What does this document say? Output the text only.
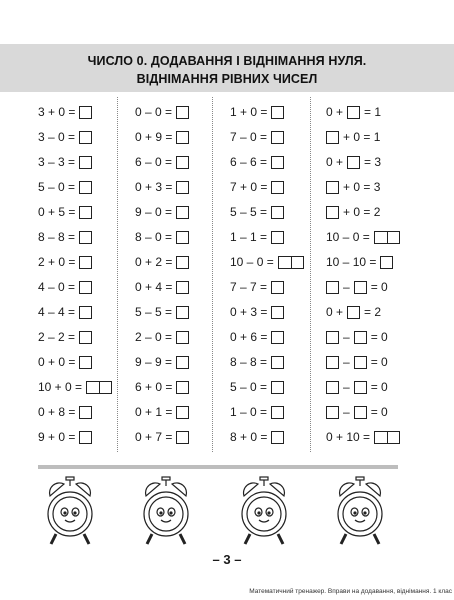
ЧИСЛО 0. ДОДАВАННЯ І ВІДНІМАННЯ НУЛЯ.
ВІДНІМАННЯ РІВНИХ ЧИСЕЛ
3 + 0 =
3 – 0 =
3 – 3 =
5 – 0 =
0 + 5 =
8 – 8 =
2 + 0 =
4 – 0 =
4 – 4 =
2 – 2 =
0 + 0 =
10 + 0 =
0 + 8 =
9 + 0 =
0 – 0 =
0 + 9 =
6 – 0 =
0 + 3 =
9 – 0 =
8 – 0 =
0 + 2 =
0 + 4 =
5 – 5 =
2 – 0 =
9 – 9 =
6 + 0 =
0 + 1 =
0 + 7 =
1 + 0 =
7 – 0 =
6 – 6 =
7 + 0 =
5 – 5 =
1 – 1 =
10 – 0 =
7 – 7 =
0 + 3 =
0 + 6 =
8 – 8 =
5 – 0 =
1 – 0 =
8 + 0 =
0 + = 1
+ 0 = 1
0 + = 3
+ 0 = 3
+ 0 = 2
10 – 0 =
10 – 10 =
– = 0
0 + = 2
– = 0
– = 0
– = 0
– = 0
0 + 10 =
– 3 –
Математичний тренажер. Вправи на додавання, віднімання. 1 клас
